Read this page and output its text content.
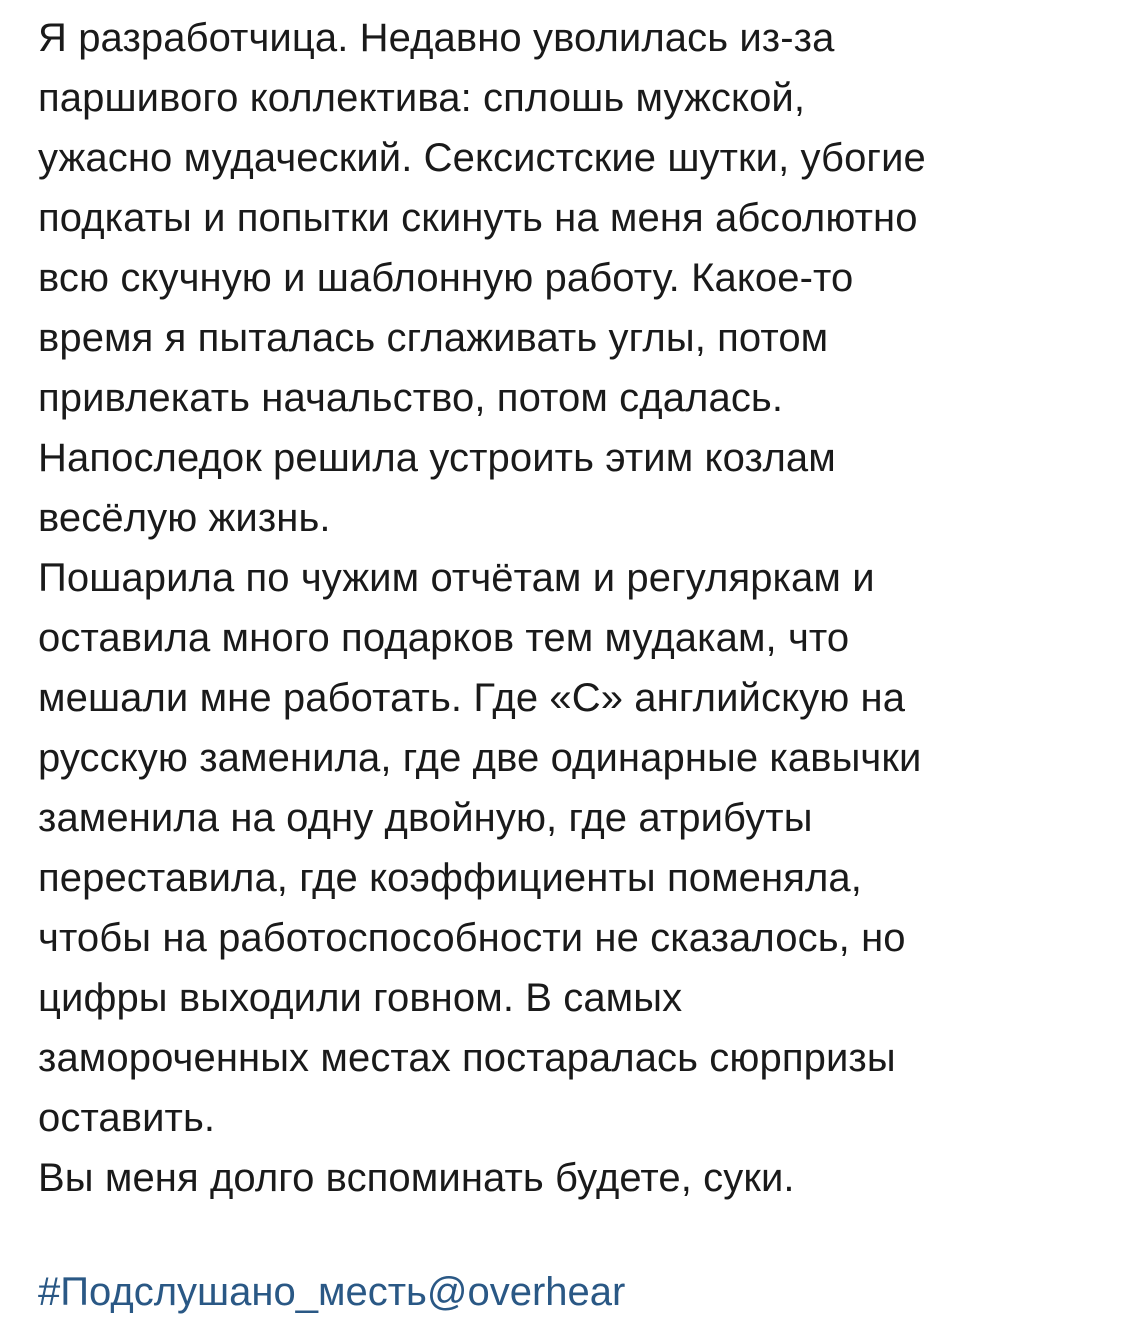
Я разработчица. Недавно уволилась из-за
паршивого коллектива: сплошь мужской,
ужасно мудаческий. Сексистские шутки, убогие
подкаты и попытки скинуть на меня абсолютно
всю скучную и шаблонную работу. Какое-то
время я пыталась сглаживать углы, потом
привлекать начальство, потом сдалась.
Напоследок решила устроить этим козлам
весёлую жизнь.
Пошарила по чужим отчётам и регуляркам и
оставила много подарков тем мудакам, что
мешали мне работать. Где «С» английскую на
русскую заменила, где две одинарные кавычки
заменила на одну двойную, где атрибуты
переставила, где коэффициенты поменяла,
чтобы на работоспособности не сказалось, но
цифры выходили говном. В самых
замороченных местах постаралась сюрпризы
оставить.
Вы меня долго вспоминать будете, суки.

#Подслушано_месть@overhear
